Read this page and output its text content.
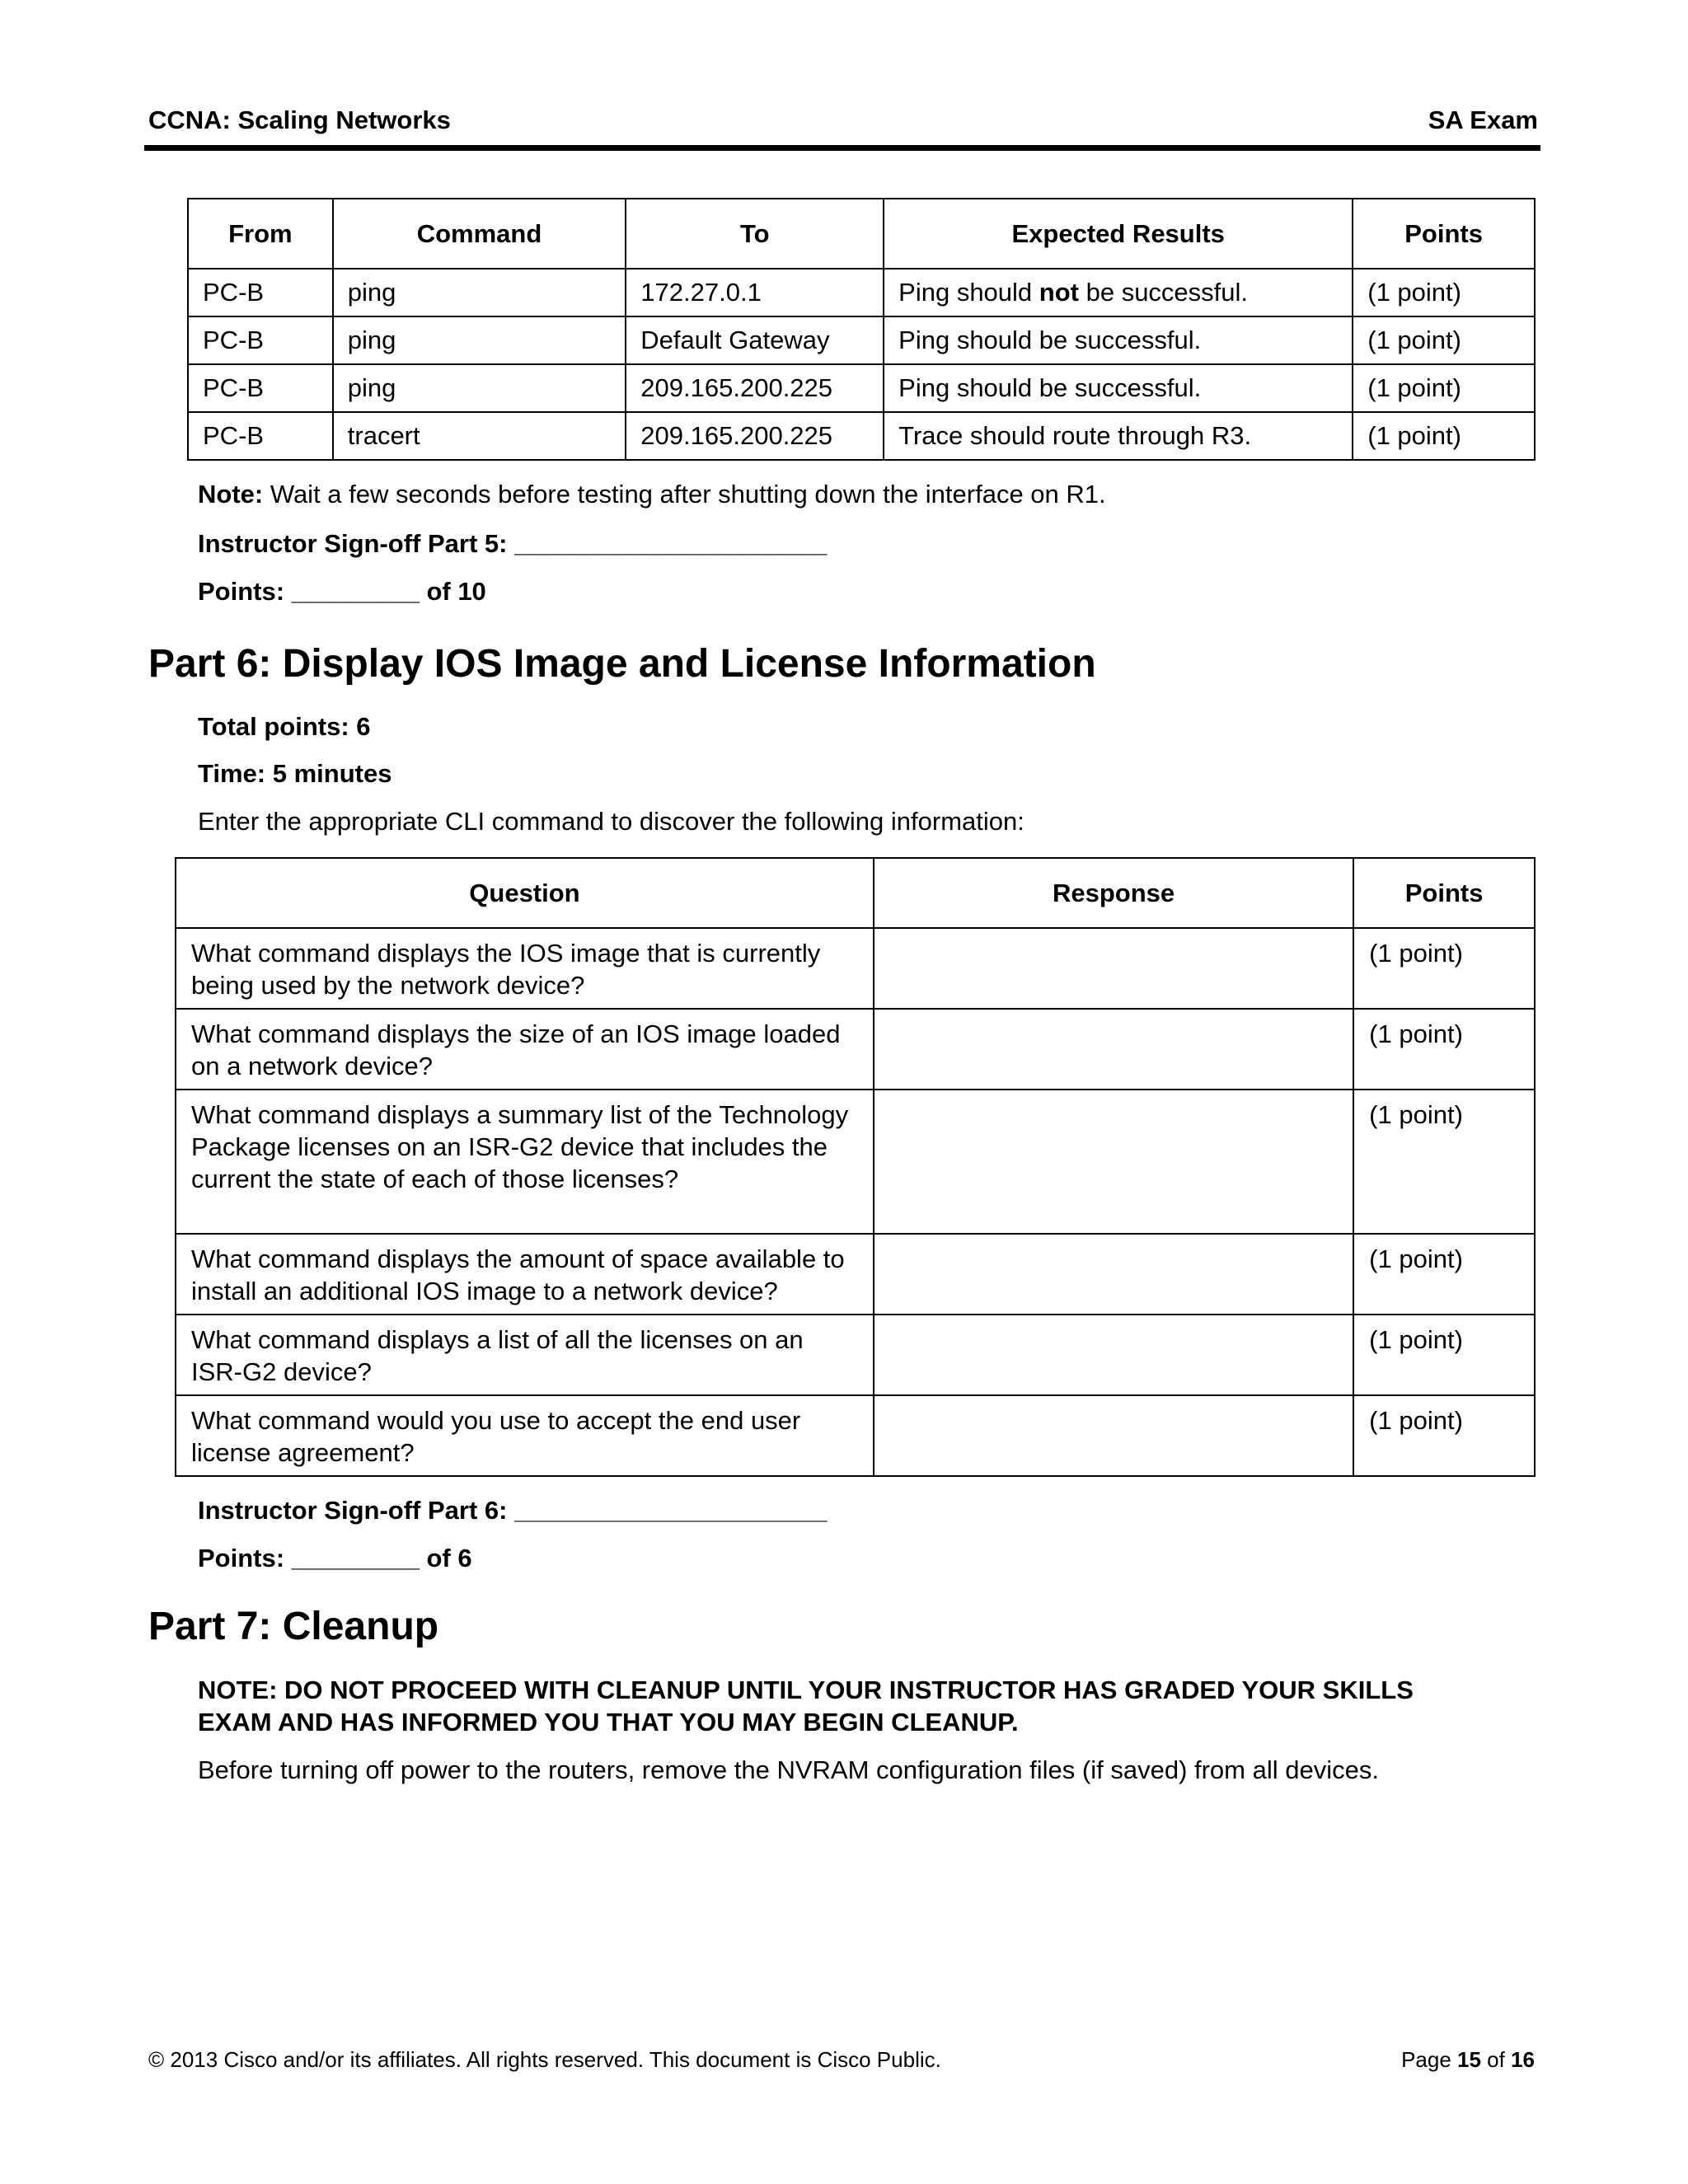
CCNA: Scaling Networks	SA Exam
From	Command	To	Expected Results	Points
PC-B	ping	172.27.0.1	Ping should not be successful.	(1 point)
PC-B	ping	Default Gateway	Ping should be successful.	(1 point)
PC-B	ping	209.165.200.225	Ping should be successful.	(1 point)
PC-B	tracert	209.165.200.225	Trace should route through R3.	(1 point)
Note: Wait a few seconds before testing after shutting down the interface on R1.
Instructor Sign-off Part 5: ______________________
Points: _________ of 10
Part 6: Display IOS Image and License Information
Total points: 6
Time: 5 minutes
Enter the appropriate CLI command to discover the following information:
Question	Response	Points
What command displays the IOS image that is currently being used by the network device?		(1 point)
What command displays the size of an IOS image loaded on a network device?		(1 point)
What command displays a summary list of the Technology Package licenses on an ISR-G2 device that includes the current the state of each of those licenses?		(1 point)
What command displays the amount of space available to install an additional IOS image to a network device?		(1 point)
What command displays a list of all the licenses on an ISR-G2 device?		(1 point)
What command would you use to accept the end user license agreement?		(1 point)
Instructor Sign-off Part 6: ______________________
Points: _________ of 6
Part 7: Cleanup
NOTE: DO NOT PROCEED WITH CLEANUP UNTIL YOUR INSTRUCTOR HAS GRADED YOUR SKILLS
EXAM AND HAS INFORMED YOU THAT YOU MAY BEGIN CLEANUP.
Before turning off power to the routers, remove the NVRAM configuration files (if saved) from all devices.
© 2013 Cisco and/or its affiliates. All rights reserved. This document is Cisco Public.	Page 15 of 16
